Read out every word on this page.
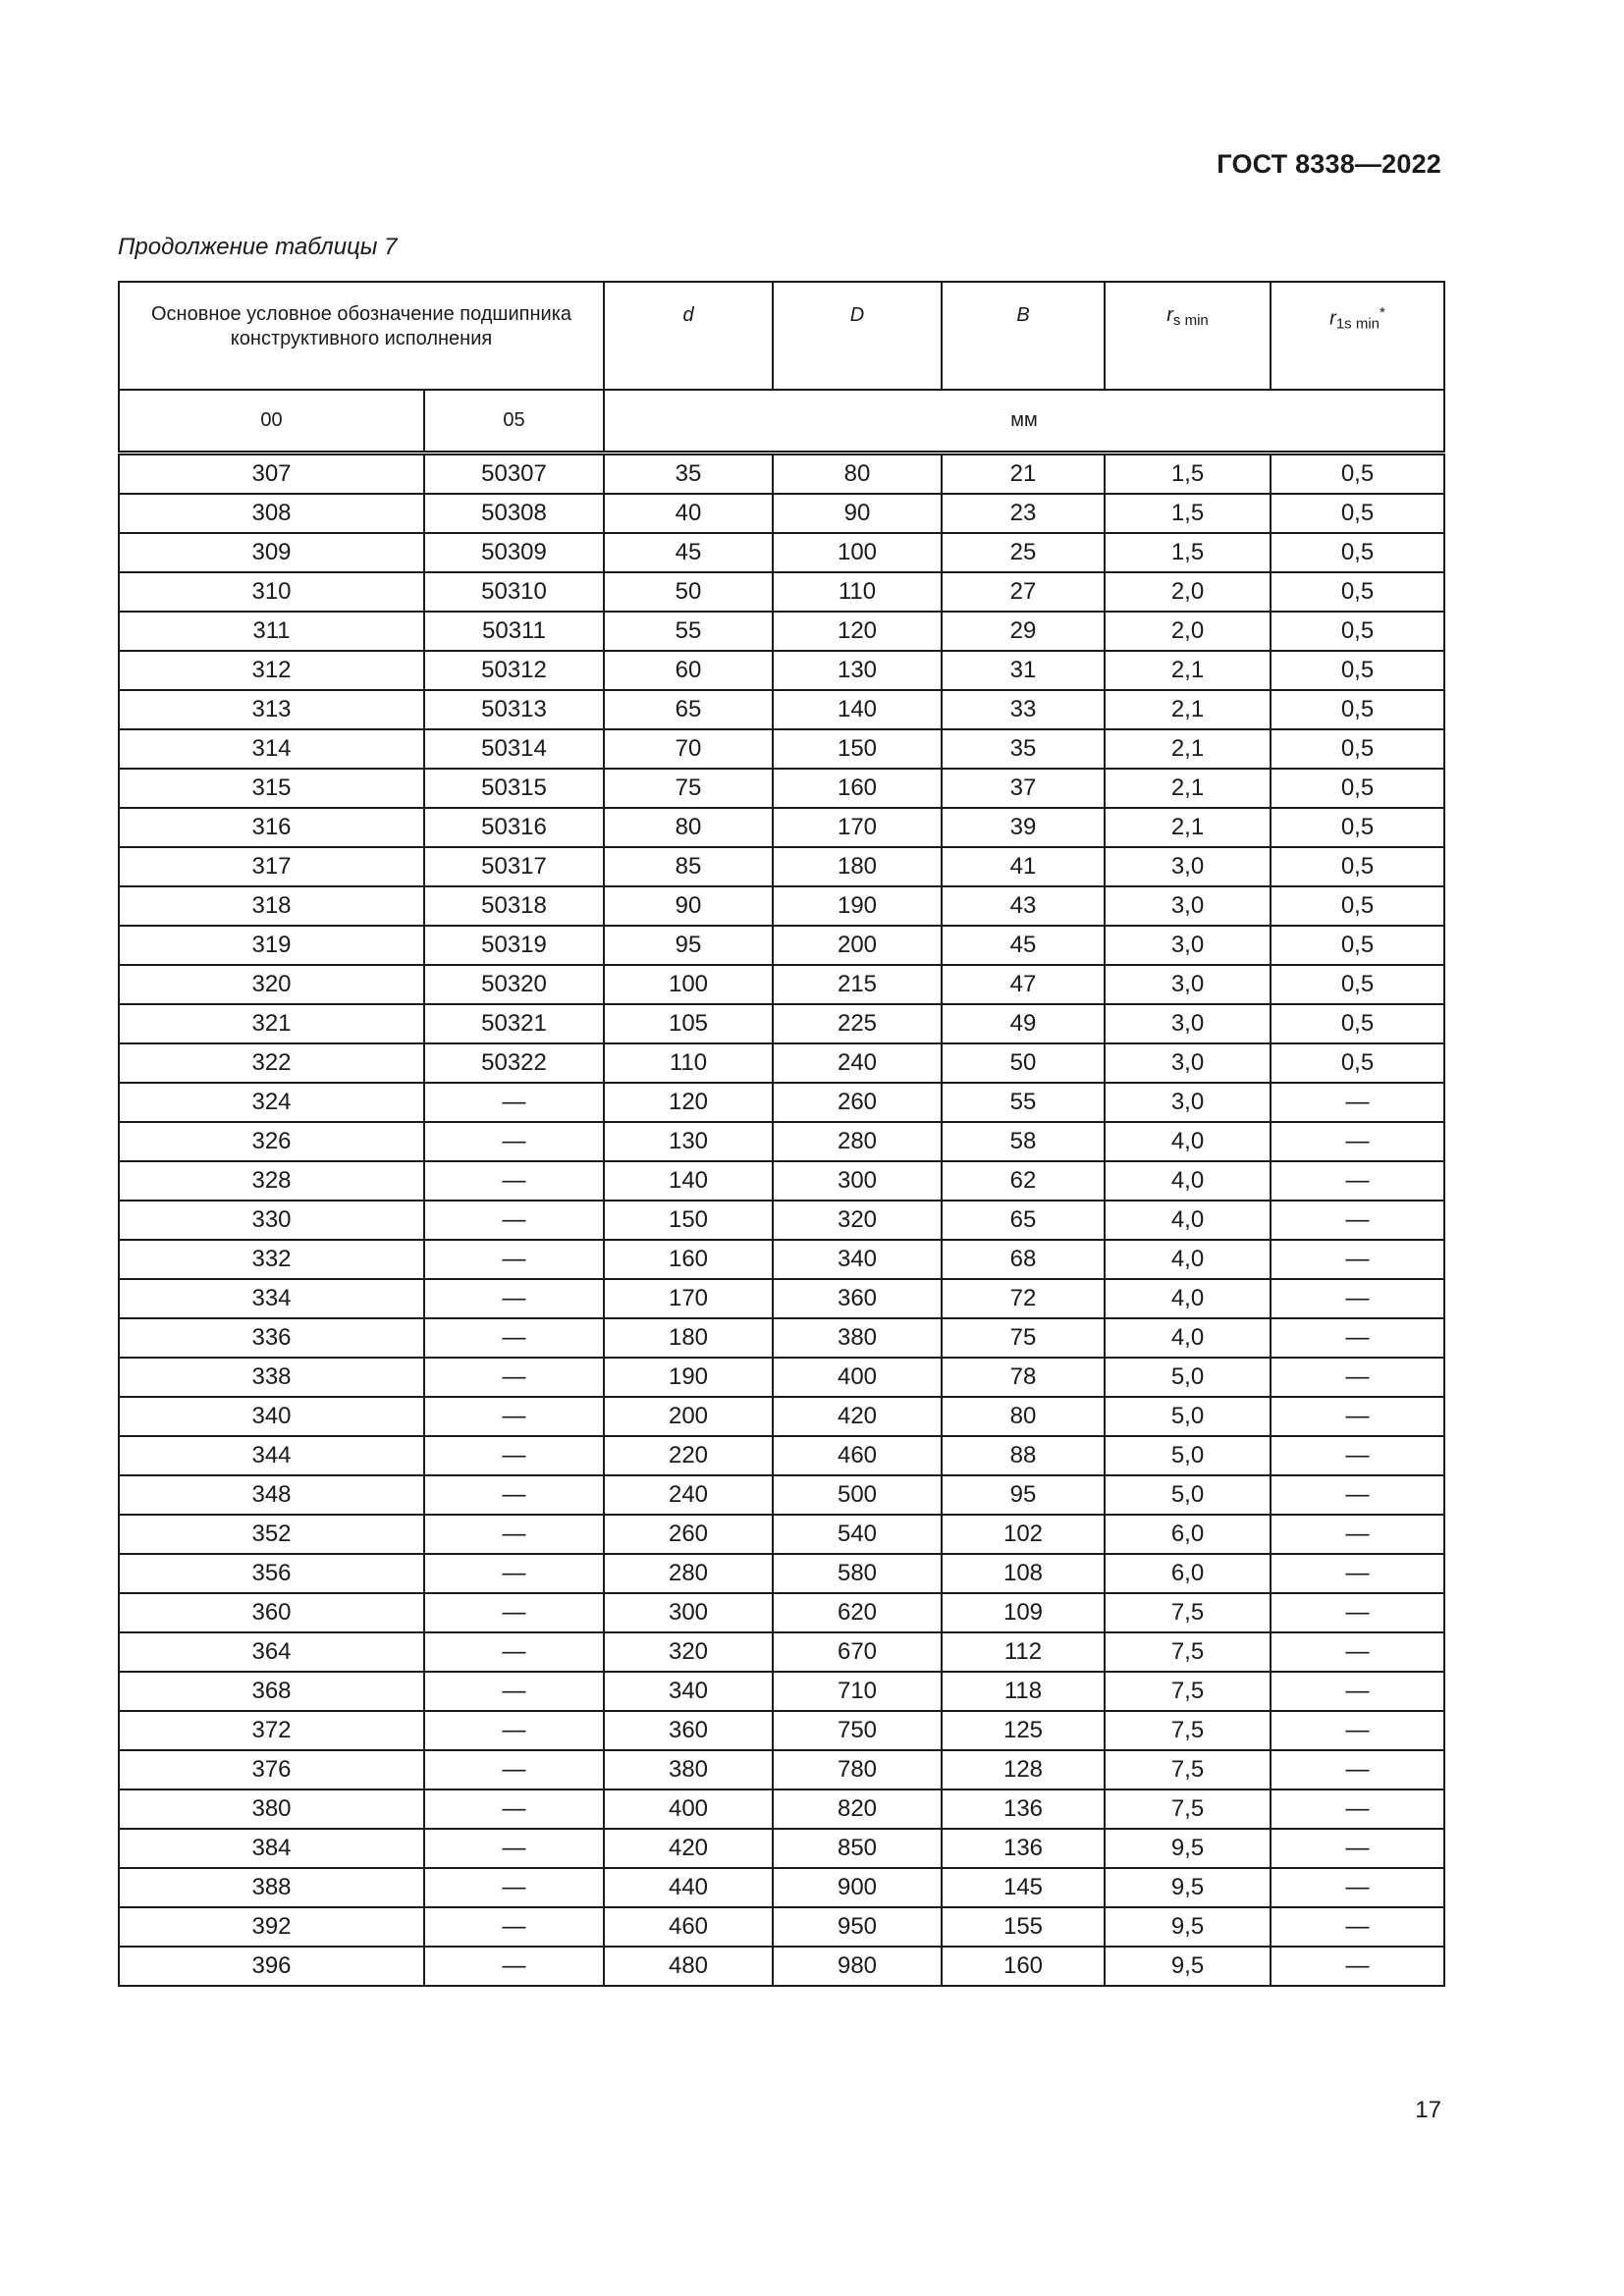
ГОСТ 8338—2022
Продолжение таблицы 7
Основное условное обозначение подшипника конструктивного исполнения		d	D	B	$r_{s min}$	$r_{1s min}^*$
00	05	мм				
307	50307	35	80	21	1,5	0,5
308	50308	40	90	23	1,5	0,5
309	50309	45	100	25	1,5	0,5
310	50310	50	110	27	2,0	0,5
311	50311	55	120	29	2,0	0,5
312	50312	60	130	31	2,1	0,5
313	50313	65	140	33	2,1	0,5
314	50314	70	150	35	2,1	0,5
315	50315	75	160	37	2,1	0,5
316	50316	80	170	39	2,1	0,5
317	50317	85	180	41	3,0	0,5
318	50318	90	190	43	3,0	0,5
319	50319	95	200	45	3,0	0,5
320	50320	100	215	47	3,0	0,5
321	50321	105	225	49	3,0	0,5
322	50322	110	240	50	3,0	0,5
324	—	120	260	55	3,0	—
326	—	130	280	58	4,0	—
328	—	140	300	62	4,0	—
330	—	150	320	65	4,0	—
332	—	160	340	68	4,0	—
334	—	170	360	72	4,0	—
336	—	180	380	75	4,0	—
338	—	190	400	78	5,0	—
340	—	200	420	80	5,0	—
344	—	220	460	88	5,0	—
348	—	240	500	95	5,0	—
352	—	260	540	102	6,0	—
356	—	280	580	108	6,0	—
360	—	300	620	109	7,5	—
364	—	320	670	112	7,5	—
368	—	340	710	118	7,5	—
372	—	360	750	125	7,5	—
376	—	380	780	128	7,5	—
380	—	400	820	136	7,5	—
384	—	420	850	136	9,5	—
388	—	440	900	145	9,5	—
392	—	460	950	155	9,5	—
396	—	480	980	160	9,5	—
17
